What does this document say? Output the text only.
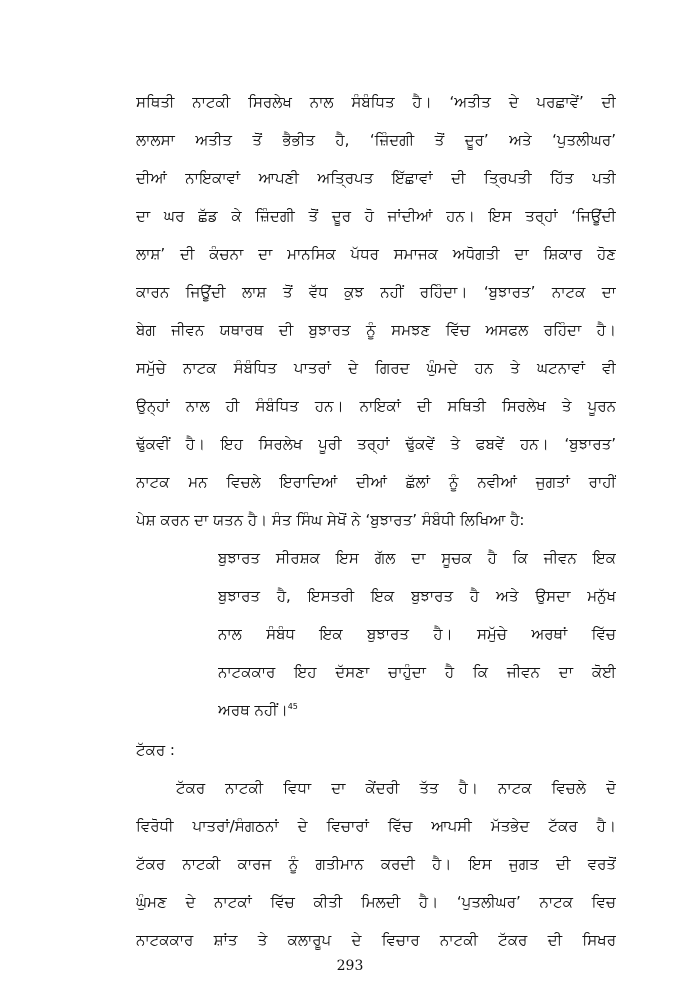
ਸਥਿਤੀ ਨਾਟਕੀ ਸਿਰਲੇਖ ਨਾਲ ਸੰਬੰਧਿਤ ਹੈ। ‘ਅਤੀਤ ਦੇ ਪਰਛਾਵੇਂ’ ਦੀ
ਲਾਲਸਾ ਅਤੀਤ ਤੋਂ ਭੈਭੀਤ ਹੈ, ‘ਜ਼ਿੰਦਗੀ ਤੋਂ ਦੂਰ’ ਅਤੇ ‘ਪੁਤਲੀਘਰ’
ਦੀਆਂ ਨਾਇਕਾਵਾਂ ਆਪਣੀ ਅਤ੍ਰਿਪਤ ਇੱਛਾਵਾਂ ਦੀ ਤ੍ਰਿਪਤੀ ਹਿੱਤ ਪਤੀ
ਦਾ ਘਰ ਛੱਡ ਕੇ ਜ਼ਿੰਦਗੀ ਤੋਂ ਦੂਰ ਹੋ ਜਾਂਦੀਆਂ ਹਨ। ਇਸ ਤਰ੍ਹਾਂ ‘ਜਿਊਂਦੀ
ਲਾਸ਼’ ਦੀ ਕੰਚਨਾ ਦਾ ਮਾਨਸਿਕ ਪੱਧਰ ਸਮਾਜਕ ਅਧੋਗਤੀ ਦਾ ਸ਼ਿਕਾਰ ਹੋਣ
ਕਾਰਨ ਜਿਊਂਦੀ ਲਾਸ਼ ਤੋਂ ਵੱਧ ਕੁਝ ਨਹੀਂ ਰਹਿੰਦਾ। ‘ਬੁਝਾਰਤ’ ਨਾਟਕ ਦਾ
ਬੇਗ ਜੀਵਨ ਯਥਾਰਥ ਦੀ ਬੁਝਾਰਤ ਨੂੰ ਸਮਝਣ ਵਿੱਚ ਅਸਫਲ ਰਹਿੰਦਾ ਹੈ।
ਸਮੁੱਚੇ ਨਾਟਕ ਸੰਬੰਧਿਤ ਪਾਤਰਾਂ ਦੇ ਗਿਰਦ ਘੁੰਮਦੇ ਹਨ ਤੇ ਘਟਨਾਵਾਂ ਵੀ
ਉਨ੍ਹਾਂ ਨਾਲ ਹੀ ਸੰਬੰਧਿਤ ਹਨ। ਨਾਇਕਾਂ ਦੀ ਸਥਿਤੀ ਸਿਰਲੇਖ ਤੇ ਪੂਰਨ
ਢੁੱਕਵੀਂ ਹੈ। ਇਹ ਸਿਰਲੇਖ ਪੂਰੀ ਤਰ੍ਹਾਂ ਢੁੱਕਵੇਂ ਤੇ ਫਬਵੇਂ ਹਨ। ‘ਬੁਝਾਰਤ’
ਨਾਟਕ ਮਨ ਵਿਚਲੇ ਇਰਾਦਿਆਂ ਦੀਆਂ ਛੱਲਾਂ ਨੂੰ ਨਵੀਆਂ ਜੁਗਤਾਂ ਰਾਹੀਂ
ਪੇਸ਼ ਕਰਨ ਦਾ ਯਤਨ ਹੈ। ਸੰਤ ਸਿੰਘ ਸੇਖੋਂ ਨੇ ‘ਬੁਝਾਰਤ’ ਸੰਬੰਧੀ ਲਿਖਿਆ ਹੈ:
ਬੁਝਾਰਤ ਸੀਰਸ਼ਕ ਇਸ ਗੱਲ ਦਾ ਸੂਚਕ ਹੈ ਕਿ ਜੀਵਨ ਇਕ
ਬੁਝਾਰਤ ਹੈ, ਇਸਤਰੀ ਇਕ ਬੁਝਾਰਤ ਹੈ ਅਤੇ ਉਸਦਾ ਮਨੁੱਖ
ਨਾਲ ਸੰਬੰਧ ਇਕ ਬੁਝਾਰਤ ਹੈ। ਸਮੁੱਚੇ ਅਰਥਾਂ ਵਿੱਚ
ਨਾਟਕਕਾਰ ਇਹ ਦੱਸਣਾ ਚਾਹੁੰਦਾ ਹੈ ਕਿ ਜੀਵਨ ਦਾ ਕੋਈ
ਅਰਥ ਨਹੀਂ।$^{45}$
ਟੱਕਰ :
ਟੱਕਰ ਨਾਟਕੀ ਵਿਧਾ ਦਾ ਕੇਂਦਰੀ ਤੱਤ ਹੈ। ਨਾਟਕ ਵਿਚਲੇ ਦੋ
ਵਿਰੋਧੀ ਪਾਤਰਾਂ/ਸੰਗਠਨਾਂ ਦੇ ਵਿਚਾਰਾਂ ਵਿੱਚ ਆਪਸੀ ਮੱਤਭੇਦ ਟੱਕਰ ਹੈ।
ਟੱਕਰ ਨਾਟਕੀ ਕਾਰਜ ਨੂੰ ਗਤੀਮਾਨ ਕਰਦੀ ਹੈ। ਇਸ ਜੁਗਤ ਦੀ ਵਰਤੋਂ
ਘੁੰਮਣ ਦੇ ਨਾਟਕਾਂ ਵਿੱਚ ਕੀਤੀ ਮਿਲਦੀ ਹੈ। ‘ਪੁਤਲੀਘਰ’ ਨਾਟਕ ਵਿਚ
ਨਾਟਕਕਾਰ ਸ਼ਾਂਤ ਤੇ ਕਲਾਰੂਪ ਦੇ ਵਿਚਾਰ ਨਾਟਕੀ ਟੱਕਰ ਦੀ ਸਿਖਰ
293
